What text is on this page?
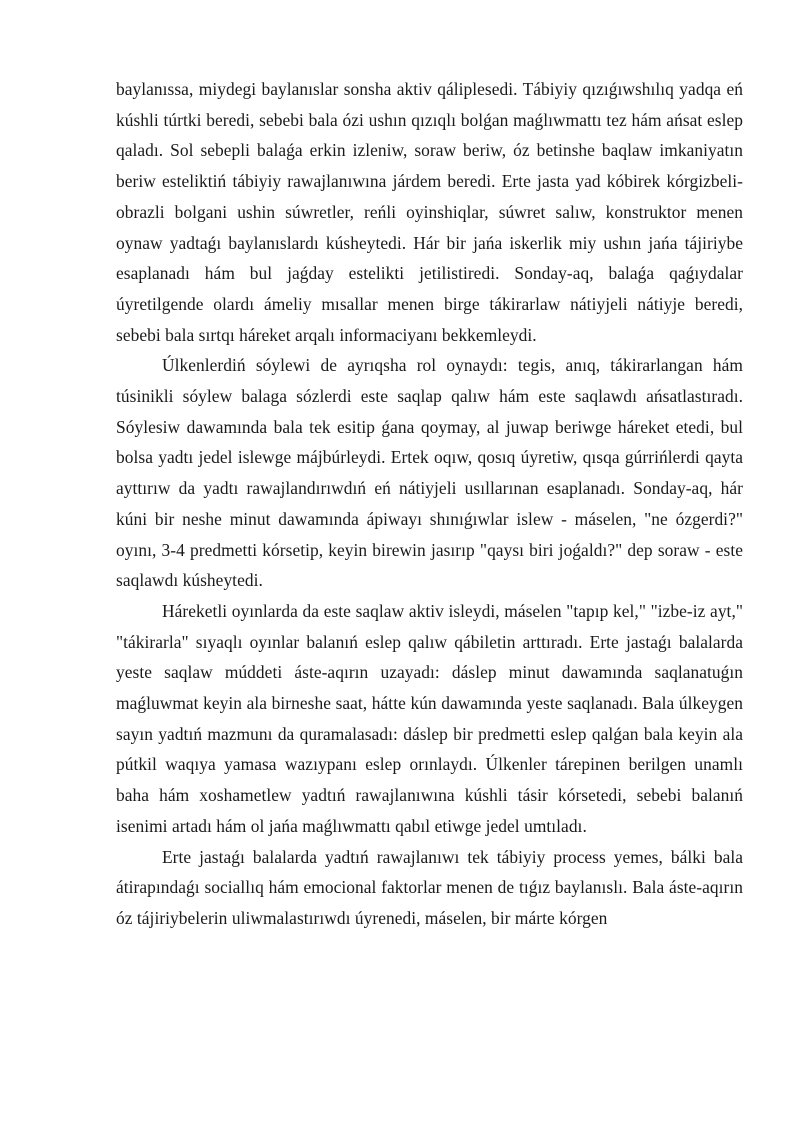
baylanıssa, miydegi baylanıslar sonsha aktiv qáliplesedi. Tábiyiy qızıǵıwshılıq yadqa eń kúshli túrtki beredi, sebebi bala ózi ushın qızıqlı bolǵan maǵlıwmattı tez hám ańsat eslep qaladı. Sol sebepli balaǵa erkin izleniw, soraw beriw, óz betinshe baqlaw imkaniyatın beriw esteliktiń tábiyiy rawajlanıwına járdem beredi. Erte jasta yad kóbirek kórgizbeli-obrazli bolgani ushin súwretler, reńli oyinshiqlar, súwret salıw, konstruktor menen oynaw yadtaǵı baylanıslardı kúsheytedi. Hár bir jańa iskerlik miy ushın jańa tájiriybe esaplanadı hám bul jaǵday estelikti jetilistiredi. Sonday-aq, balaǵa qaǵıydalar úyretilgende olardı ámeliy mısallar menen birge tákirarlaw nátiyjeli nátiyje beredi, sebebi bala sırtqı háreket arqalı informaciyanı bekkemleydi.

Úlkenlerdiń sóylewi de ayrıqsha rol oynaydı: tegis, anıq, tákirarlangan hám túsinikli sóylew balaga sózlerdi este saqlap qalıw hám este saqlawdı ańsatlastıradı. Sóylesiw dawamında bala tek esitip ǵana qoymay, al juwap beriwge háreket etedi, bul bolsa yadtı jedel islewge májbúrleydi. Ertek oqıw, qosıq úyretiw, qısqa gúrrińlerdi qayta ayttırıw da yadtı rawajlandırıwdıń eń nátiyjeli usıllarınan esaplanadı. Sonday-aq, hár kúni bir neshe minut dawamında ápiwayı shınıǵıwlar islew - máselen, "ne ózgerdi?" oyını, 3-4 predmetti kórsetip, keyin birewin jasırıp "qaysı biri joǵaldı?" dep soraw - este saqlawdı kúsheytedi.

Háreketli oyınlarda da este saqlaw aktiv isleydi, máselen "tapıp kel," "izbe-iz ayt," "tákirarla" sıyaqlı oyınlar balanıń eslep qalıw qábiletin arttıradı. Erte jastaǵı balalarda yeste saqlaw múddeti áste-aqırın uzayadı: dáslep minut dawamında saqlanatuǵın maǵluwmat keyin ala birneshe saat, hátte kún dawamında yeste saqlanadı. Bala úlkeygen sayın yadtıń mazmunı da quramalasadı: dáslep bir predmetti eslep qalǵan bala keyin ala pútkil waqıya yamasa wazıypanı eslep orınlaydı. Úlkenler tárepinen berilgen unamlı baha hám xoshametlew yadtıń rawajlanıwına kúshli tásir kórsetedi, sebebi balanıń isenimi artadı hám ol jańa maǵlıwmattı qabıl etiwge jedel umtıladı.

Erte jastaǵı balalarda yadtıń rawajlanıwı tek tábiyiy process yemes, bálki bala átirapındaǵı sociallıq hám emocional faktorlar menen de tıǵız baylanıslı. Bala áste-aqırın óz tájiriybelerin uliwmalastırıwdı úyrenedi, máselen, bir márte kórgen
